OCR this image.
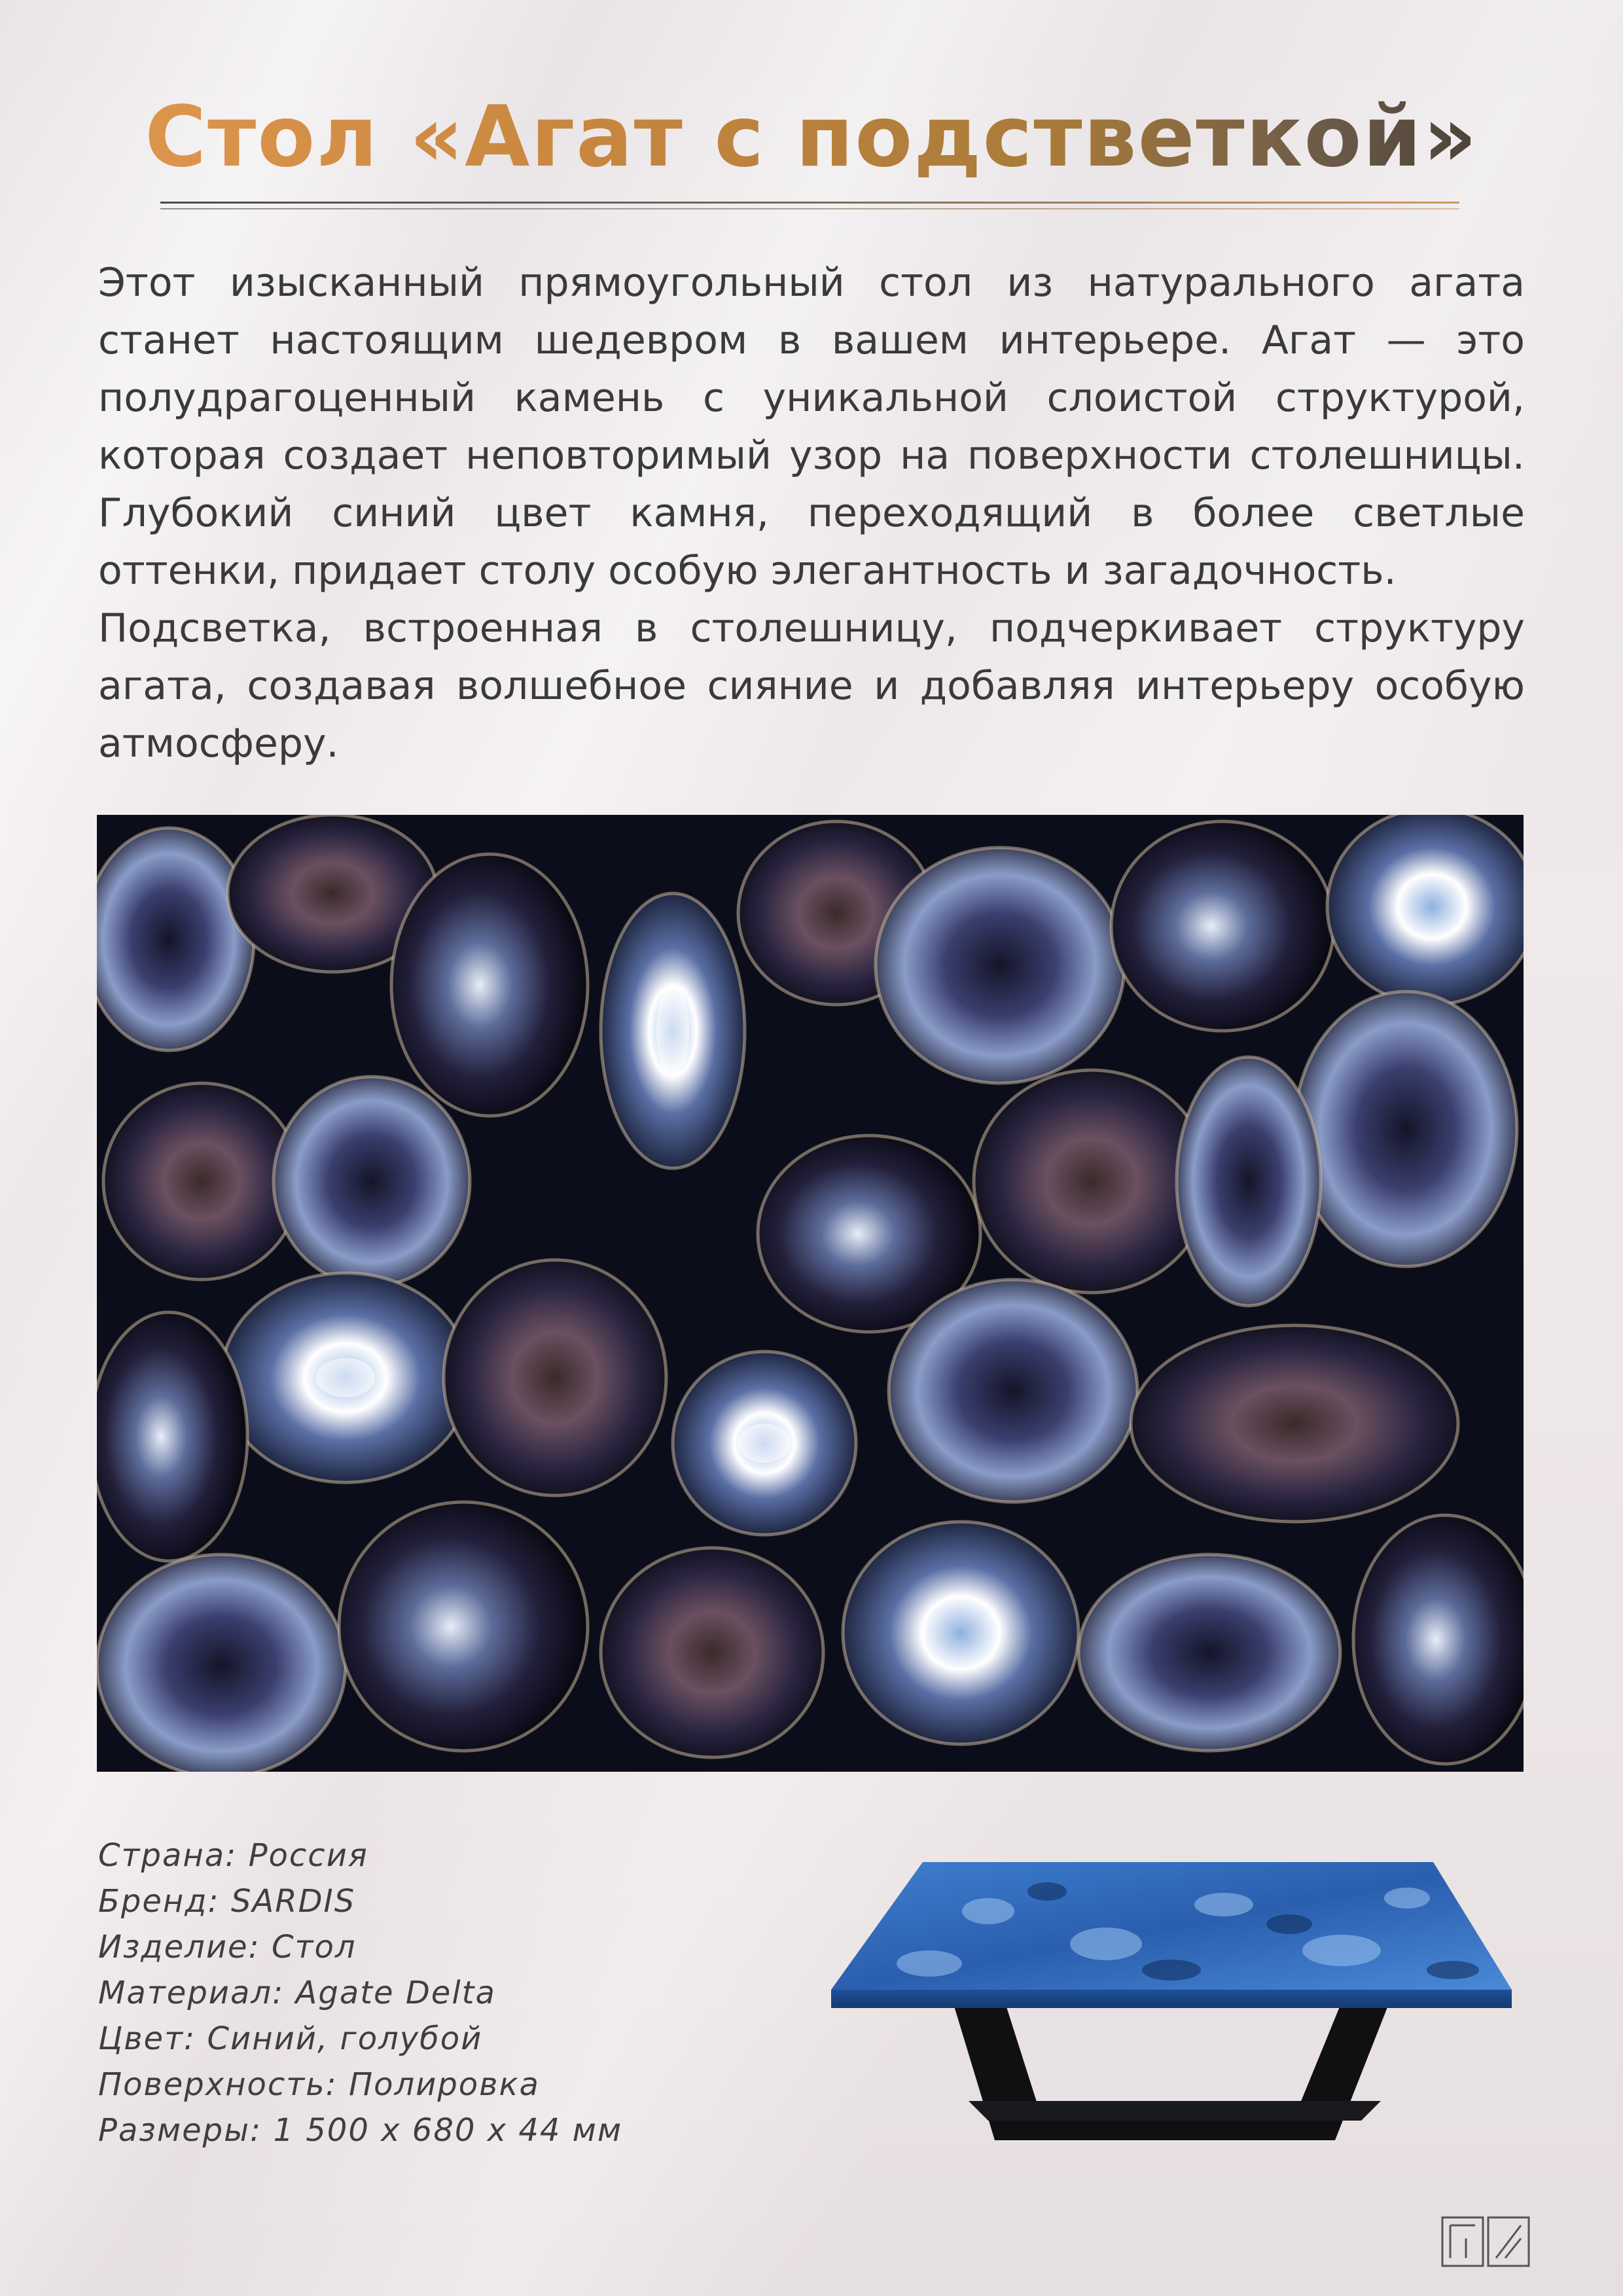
Стол «Агат с подстветкой»

Этот изысканный прямоугольный стол из натурального агата станет настоящим шедевром в вашем интерьере. Агат — это полудрагоценный камень с уникальной слоистой структурой, которая создает неповторимый узор на поверхности столешницы. Глубокий синий цвет камня, переходящий в более светлые оттенки, придает столу особую элегантность и загадочность.

Подсветка, встроенная в столешницу, подчеркивает структуру агата, создавая волшебное сияние и добавляя интерьеру особую атмосферу.

Страна: Россия
Бренд: SARDIS
Изделие: Стол
Материал: Agate Delta
Цвет: Синий, голубой
Поверхность: Полировка
Размеры: 1 500 x 680 x 44 мм
